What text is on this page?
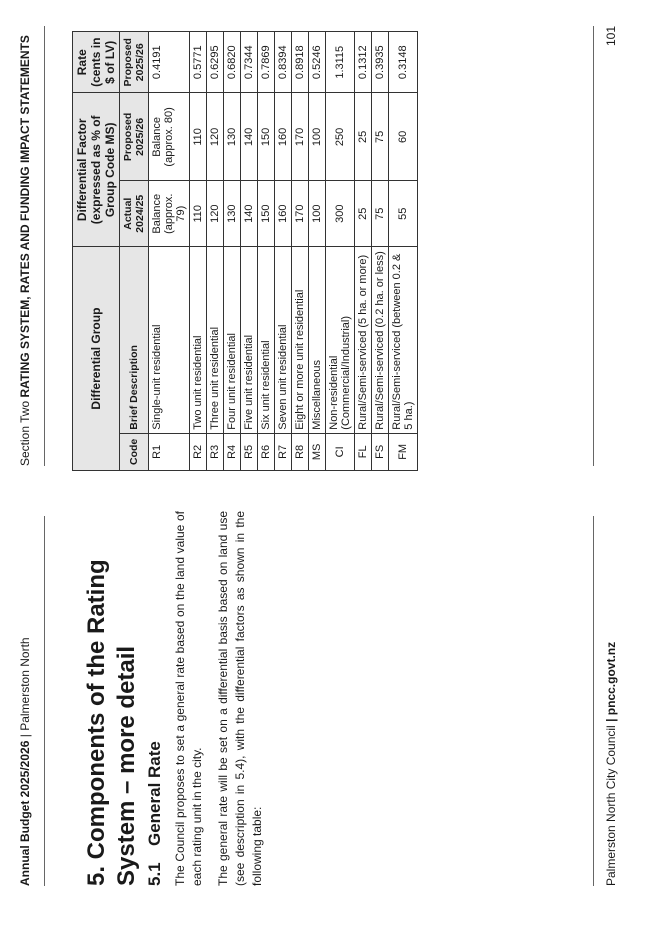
Annual Budget 2025/2026 | Palmerston North
Section Two RATING SYSTEM, RATES AND FUNDING IMPACT STATEMENTS
5. Components of the Rating System – more detail 5.1General Rate The Council proposes to set a general rate based on the land value of each rating unit in the city. The general rate will be set on a differential basis based on land use (see description in 5.4), with the differential factors as shown in the following table:
Differential Group		Differential Factor (expressed as % of Group Code MS)		Rate (cents in $ of LV)
Code	Brief Description	Actual 2024/25	Proposed 2025/26	Proposed 2025/26
R1	Single-unit residential	Balance (approx. 79)	Balance (approx. 80)	0.4191
R2	Two unit residential	110	110	0.5771
R3	Three unit residential	120	120	0.6295
R4	Four unit residential	130	130	0.6820
R5	Five unit residential	140	140	0.7344
R6	Six unit residential	150	150	0.7869
R7	Seven unit residential	160	160	0.8394
R8	Eight or more unit residential	170	170	0.8918
MS	Miscellaneous	100	100	0.5246
CI	Non-residential (Commercial/Industrial)	300	250	1.3115
FL	Rural/Semi-serviced (5 ha. or more)	25	25	0.1312
FS	Rural/Semi-serviced (0.2 ha. or less)	75	75	0.3935
FM	Rural/Semi-serviced (between 0.2 & 5 ha.)	55	60	0.3148
Palmerston North City Council | pncc.govt.nz
101
